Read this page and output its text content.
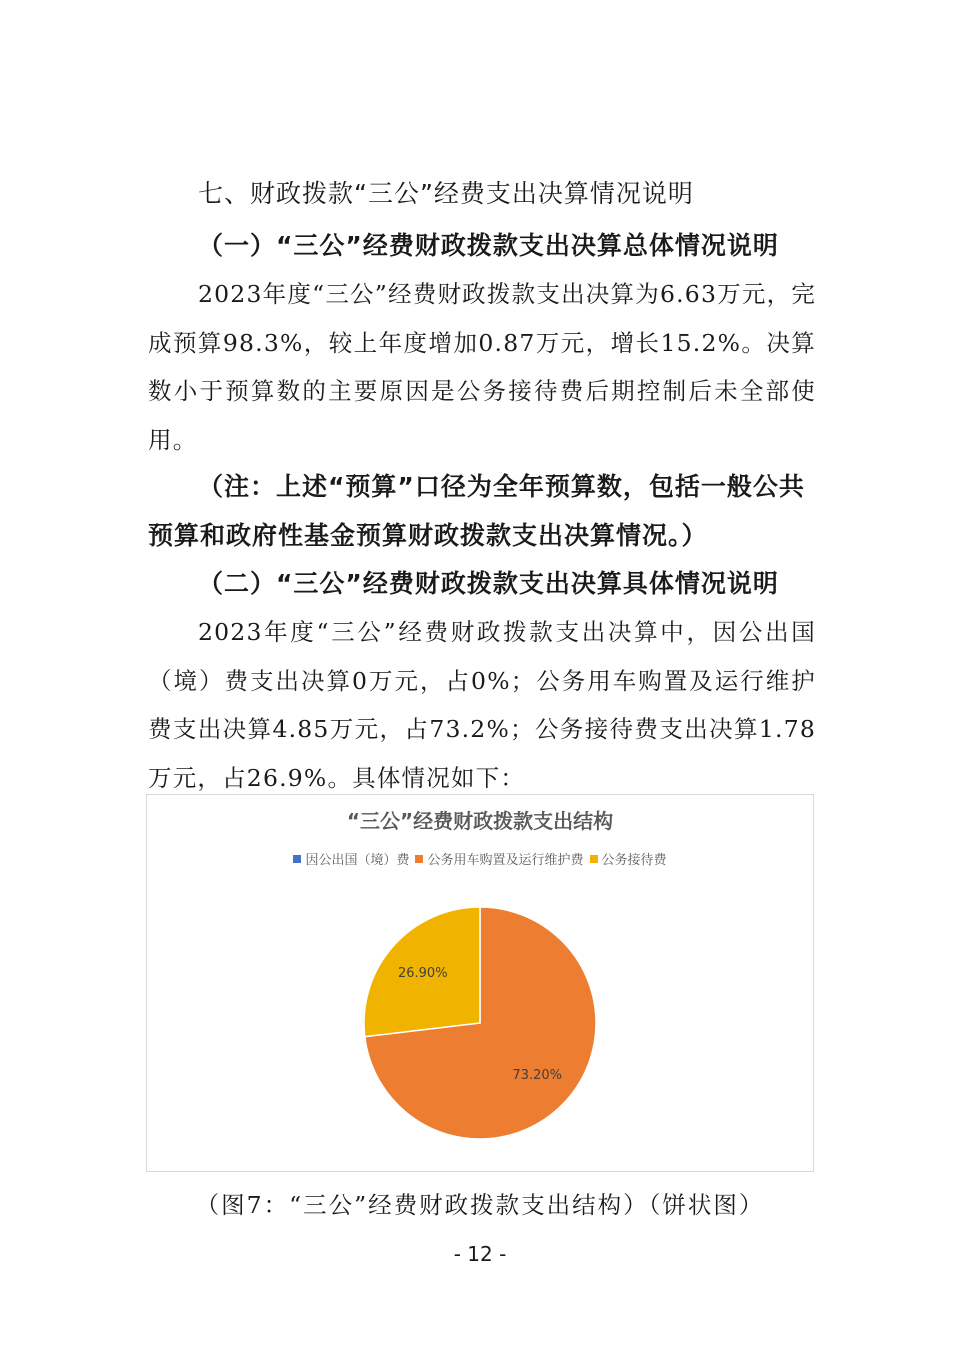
七、财政拨款“三公”经费支出决算情况说明
（一）“三公”经费财政拨款支出决算总体情况说明
2023年度“三公”经费财政拨款支出决算为6.63万元，完成预算98.3%，较上年度增加0.87万元，增长15.2%。决算数小于预算数的主要原因是公务接待费后期控制后未全部使用。
（注：上述“预算”口径为全年预算数，包括一般公共预算和政府性基金预算财政拨款支出决算情况。）
（二）“三公”经费财政拨款支出决算具体情况说明
2023年度“三公”经费财政拨款支出决算中，因公出国（境）费支出决算0万元，占0%；公务用车购置及运行维护费支出决算4.85万元，占73.2%；公务接待费支出决算1.78万元，占26.9%。具体情况如下：
“三公”经费财政拨款支出结构
因公出国（境）费 公务用车购置及运行维护费 公务接待费
73.20%
26.90%
（图7：“三公”经费财政拨款支出结构）（饼状图）
- 12 -
